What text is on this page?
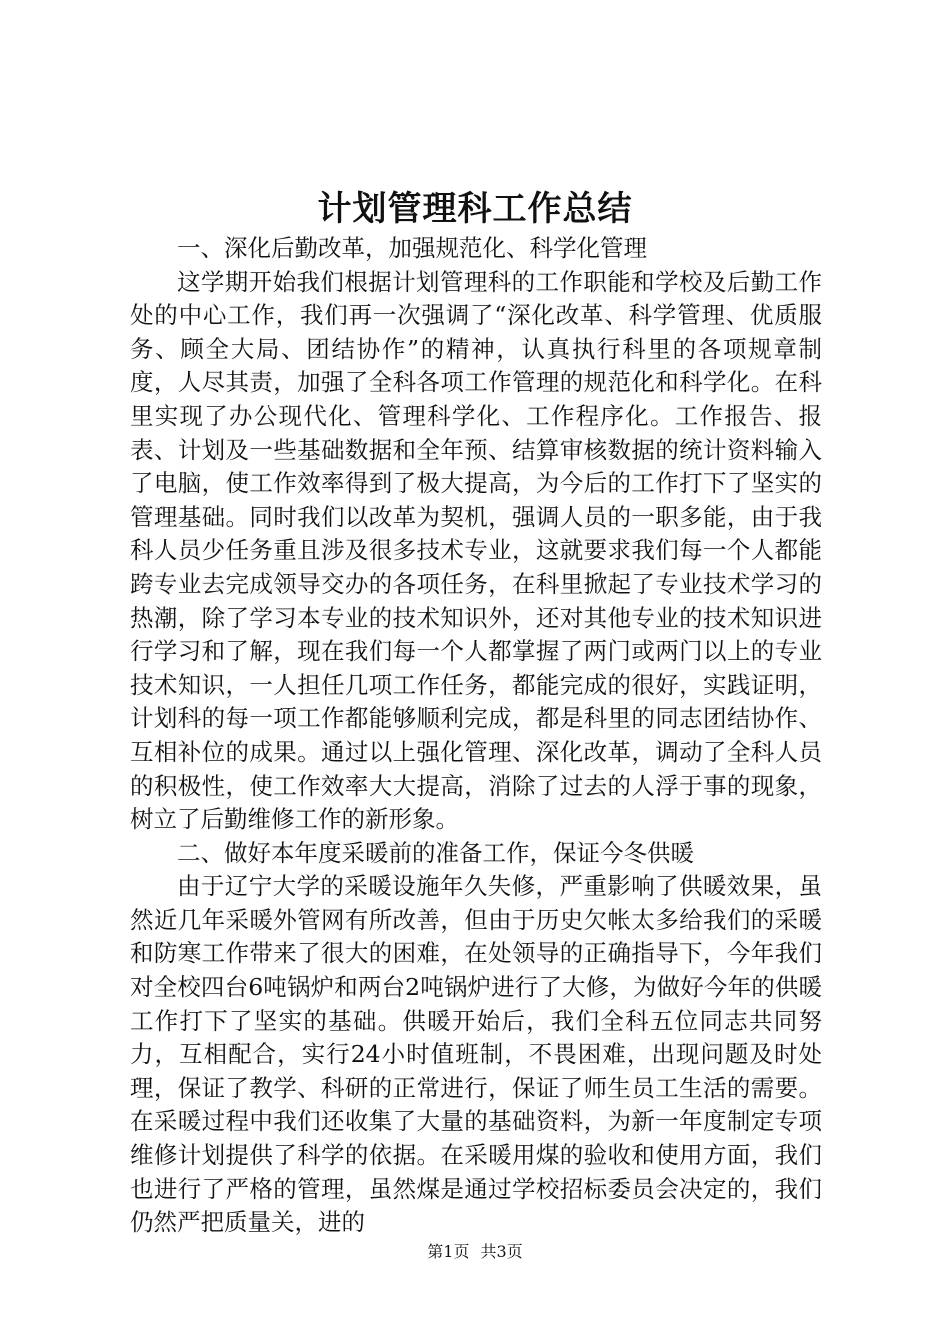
计划管理科工作总结

一、深化后勤改革，加强规范化、科学化管理

这学期开始我们根据计划管理科的工作职能和学校及后勤工作处的中心工作，我们再一次强调了“深化改革、科学管理、优质服务、顾全大局、团结协作”的精神，认真执行科里的各项规章制度，人尽其责，加强了全科各项工作管理的规范化和科学化。在科里实现了办公现代化、管理科学化、工作程序化。工作报告、报表、计划及一些基础数据和全年预、结算审核数据的统计资料输入了电脑，使工作效率得到了极大提高，为今后的工作打下了坚实的管理基础。同时我们以改革为契机，强调人员的一职多能，由于我科人员少任务重且涉及很多技术专业，这就要求我们每一个人都能跨专业去完成领导交办的各项任务，在科里掀起了专业技术学习的热潮，除了学习本专业的技术知识外，还对其他专业的技术知识进行学习和了解，现在我们每一个人都掌握了两门或两门以上的专业技术知识，一人担任几项工作任务，都能完成的很好，实践证明，计划科的每一项工作都能够顺利完成，都是科里的同志团结协作、互相补位的成果。通过以上强化管理、深化改革，调动了全科人员的积极性，使工作效率大大提高，消除了过去的人浮于事的现象，树立了后勤维修工作的新形象。

二、做好本年度采暖前的准备工作，保证今冬供暖

由于辽宁大学的采暖设施年久失修，严重影响了供暖效果，虽然近几年采暖外管网有所改善，但由于历史欠帐太多给我们的采暖和防寒工作带来了很大的困难，在处领导的正确指导下，今年我们对全校四台6吨锅炉和两台2吨锅炉进行了大修，为做好今年的供暖工作打下了坚实的基础。供暖开始后，我们全科五位同志共同努力，互相配合，实行24小时值班制，不畏困难，出现问题及时处理，保证了教学、科研的正常进行，保证了师生员工生活的需要。在采暖过程中我们还收集了大量的基础资料，为新一年度制定专项维修计划提供了科学的依据。在采暖用煤的验收和使用方面，我们也进行了严格的管理，虽然煤是通过学校招标委员会决定的，我们仍然严把质量关，进的

第1页 共3页
